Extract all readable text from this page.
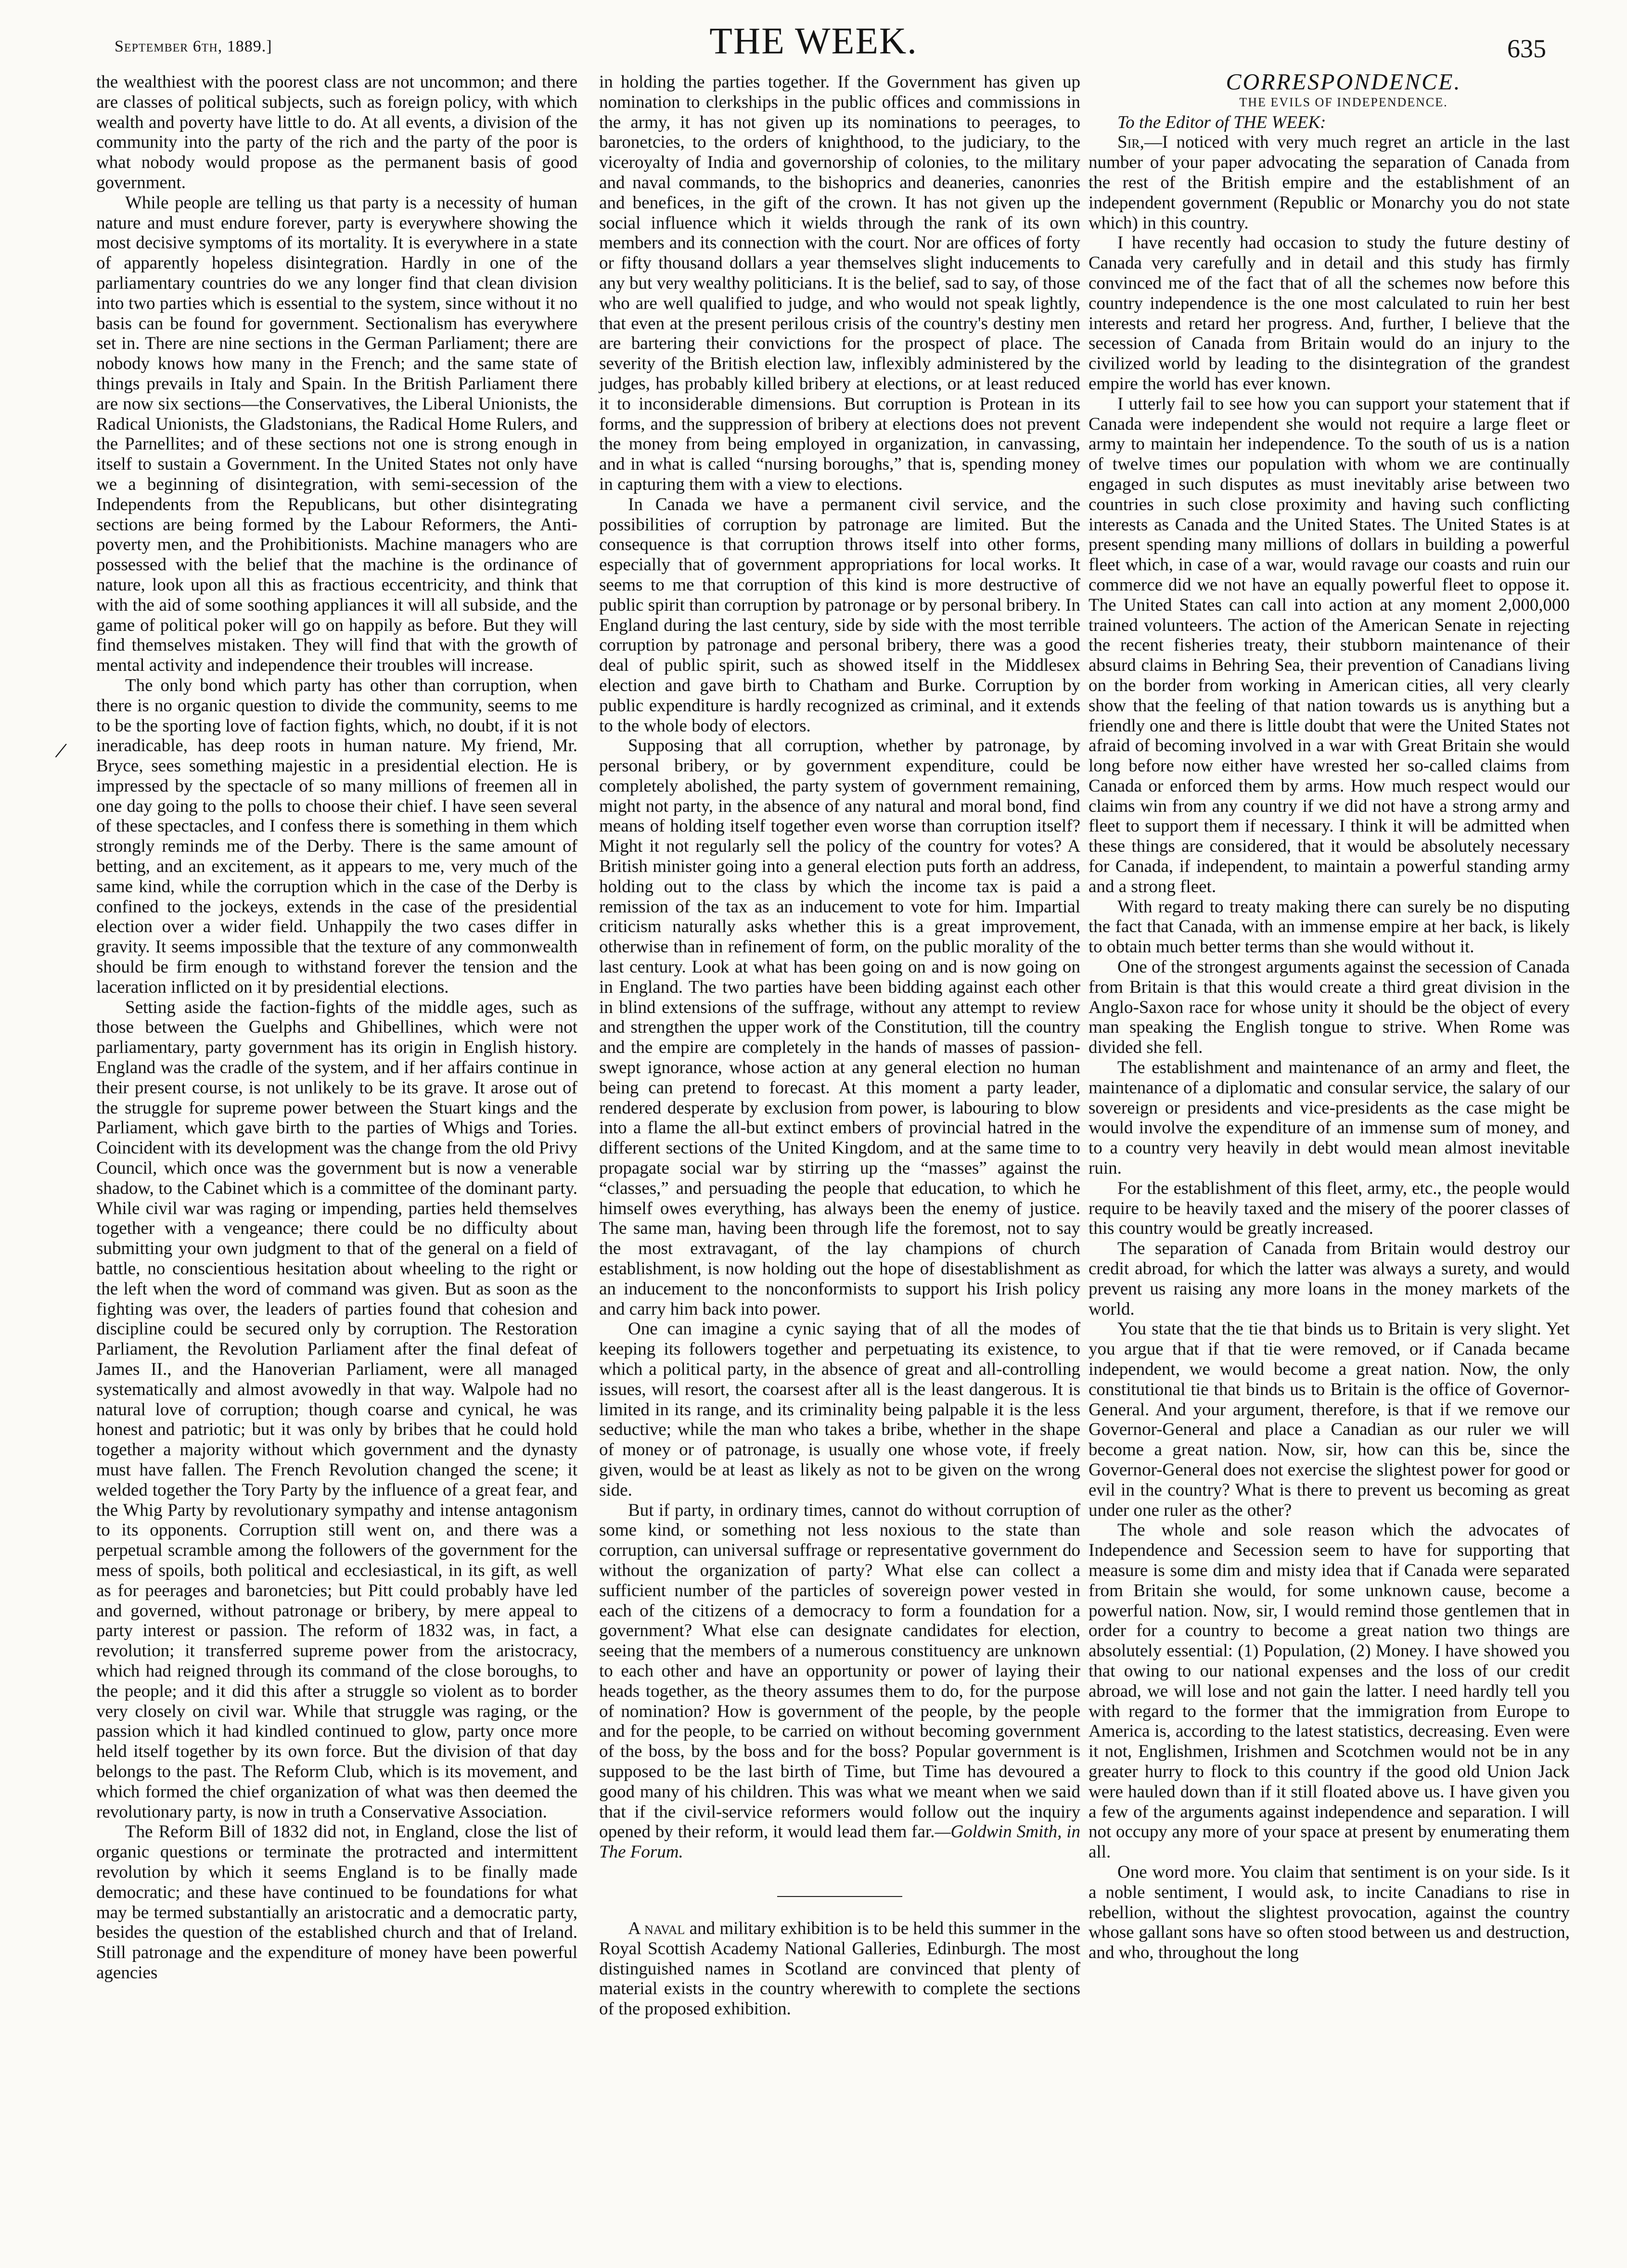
September 6th, 1889.]	THE WEEK.	635
/

the wealthiest with the poorest class are not uncommon; and there are classes of political subjects, such as foreign policy, with which wealth and poverty have little to do. At all events, a division of the community into the party of the rich and the party of the poor is what nobody would propose as the permanent basis of good government.

While people are telling us that party is a necessity of human nature and must endure forever, party is everywhere showing the most decisive symptoms of its mortality. It is everywhere in a state of apparently hopeless disintegration. Hardly in one of the parliamentary countries do we any longer find that clean division into two parties which is essential to the system, since without it no basis can be found for government. Sectionalism has everywhere set in. There are nine sections in the German Parliament; there are nobody knows how many in the French; and the same state of things prevails in Italy and Spain. In the British Parliament there are now six sections—the Conservatives, the Liberal Unionists, the Radical Unionists, the Gladstonians, the Radical Home Rulers, and the Parnellites; and of these sections not one is strong enough in itself to sustain a Government. In the United States not only have we a beginning of disintegration, with semi-secession of the Independents from the Republicans, but other disintegrating sections are being formed by the Labour Reformers, the Anti-poverty men, and the Prohibitionists. Machine managers who are possessed with the belief that the machine is the ordinance of nature, look upon all this as fractious eccentricity, and think that with the aid of some soothing appliances it will all subside, and the game of political poker will go on happily as before. But they will find themselves mistaken. They will find that with the growth of mental activity and independence their troubles will increase.

The only bond which party has other than corruption, when there is no organic question to divide the community, seems to me to be the sporting love of faction fights, which, no doubt, if it is not ineradicable, has deep roots in human nature. My friend, Mr. Bryce, sees something majestic in a presidential election. He is impressed by the spectacle of so many millions of freemen all in one day going to the polls to choose their chief. I have seen several of these spectacles, and I confess there is something in them which strongly reminds me of the Derby. There is the same amount of betting, and an excitement, as it appears to me, very much of the same kind, while the corruption which in the case of the Derby is confined to the jockeys, extends in the case of the presidential election over a wider field. Unhappily the two cases differ in gravity. It seems impossible that the texture of any commonwealth should be firm enough to withstand forever the tension and the laceration inflicted on it by presidential elections.

Setting aside the faction-fights of the middle ages, such as those between the Guelphs and Ghibellines, which were not parliamentary, party government has its origin in English history. England was the cradle of the system, and if her affairs continue in their present course, is not unlikely to be its grave. It arose out of the struggle for supreme power between the Stuart kings and the Parliament, which gave birth to the parties of Whigs and Tories. Coincident with its development was the change from the old Privy Council, which once was the government but is now a venerable shadow, to the Cabinet which is a committee of the dominant party. While civil war was raging or impending, parties held themselves together with a vengeance; there could be no difficulty about submitting your own judgment to that of the general on a field of battle, no conscientious hesitation about wheeling to the right or the left when the word of command was given. But as soon as the fighting was over, the leaders of parties found that cohesion and discipline could be secured only by corruption. The Restoration Parliament, the Revolution Parliament after the final defeat of James II., and the Hanoverian Parliament, were all managed systematically and almost avowedly in that way. Walpole had no natural love of corruption; though coarse and cynical, he was honest and patriotic; but it was only by bribes that he could hold together a majority without which government and the dynasty must have fallen. The French Revolution changed the scene; it welded together the Tory Party by the influence of a great fear, and the Whig Party by revolutionary sympathy and intense antagonism to its opponents. Corruption still went on, and there was a perpetual scramble among the followers of the government for the mess of spoils, both political and ecclesiastical, in its gift, as well as for peerages and baronetcies; but Pitt could probably have led and governed, without patronage or bribery, by mere appeal to party interest or passion. The reform of 1832 was, in fact, a revolution; it transferred supreme power from the aristocracy, which had reigned through its command of the close boroughs, to the people; and it did this after a struggle so violent as to border very closely on civil war. While that struggle was raging, or the passion which it had kindled continued to glow, party once more held itself together by its own force. But the division of that day belongs to the past. The Reform Club, which is its movement, and which formed the chief organization of what was then deemed the revolutionary party, is now in truth a Conservative Association.

The Reform Bill of 1832 did not, in England, close the list of organic questions or terminate the protracted and intermittent revolution by which it seems England is to be finally made democratic; and these have continued to be foundations for what may be termed substantially an aristocratic and a democratic party, besides the question of the established church and that of Ireland. Still patronage and the expenditure of money have been powerful agencies

in holding the parties together. If the Government has given up nomination to clerkships in the public offices and commissions in the army, it has not given up its nominations to peerages, to baronetcies, to the orders of knighthood, to the judiciary, to the viceroyalty of India and governorship of colonies, to the military and naval commands, to the bishoprics and deaneries, canonries and benefices, in the gift of the crown. It has not given up the social influence which it wields through the rank of its own members and its connection with the court. Nor are offices of forty or fifty thousand dollars a year themselves slight inducements to any but very wealthy politicians. It is the belief, sad to say, of those who are well qualified to judge, and who would not speak lightly, that even at the present perilous crisis of the country's destiny men are bartering their convictions for the prospect of place. The severity of the British election law, inflexibly administered by the judges, has probably killed bribery at elections, or at least reduced it to inconsiderable dimensions. But corruption is Protean in its forms, and the suppression of bribery at elections does not prevent the money from being employed in organization, in canvassing, and in what is called “nursing boroughs,” that is, spending money in capturing them with a view to elections.

In Canada we have a permanent civil service, and the possibilities of corruption by patronage are limited. But the consequence is that corruption throws itself into other forms, especially that of government appropriations for local works. It seems to me that corruption of this kind is more destructive of public spirit than corruption by patronage or by personal bribery. In England during the last century, side by side with the most terrible corruption by patronage and personal bribery, there was a good deal of public spirit, such as showed itself in the Middlesex election and gave birth to Chatham and Burke. Corruption by public expenditure is hardly recognized as criminal, and it extends to the whole body of electors.

Supposing that all corruption, whether by patronage, by personal bribery, or by government expenditure, could be completely abolished, the party system of government remaining, might not party, in the absence of any natural and moral bond, find means of holding itself together even worse than corruption itself? Might it not regularly sell the policy of the country for votes? A British minister going into a general election puts forth an address, holding out to the class by which the income tax is paid a remission of the tax as an inducement to vote for him. Impartial criticism naturally asks whether this is a great improvement, otherwise than in refinement of form, on the public morality of the last century. Look at what has been going on and is now going on in England. The two parties have been bidding against each other in blind extensions of the suffrage, without any attempt to review and strengthen the upper work of the Constitution, till the country and the empire are completely in the hands of masses of passion-swept ignorance, whose action at any general election no human being can pretend to forecast. At this moment a party leader, rendered desperate by exclusion from power, is labouring to blow into a flame the all-but extinct embers of provincial hatred in the different sections of the United Kingdom, and at the same time to propagate social war by stirring up the “masses” against the “classes,” and persuading the people that education, to which he himself owes everything, has always been the enemy of justice. The same man, having been through life the foremost, not to say the most extravagant, of the lay champions of church establishment, is now holding out the hope of disestablishment as an inducement to the nonconformists to support his Irish policy and carry him back into power.

One can imagine a cynic saying that of all the modes of keeping its followers together and perpetuating its existence, to which a political party, in the absence of great and all-controlling issues, will resort, the coarsest after all is the least dangerous. It is limited in its range, and its criminality being palpable it is the less seductive; while the man who takes a bribe, whether in the shape of money or of patronage, is usually one whose vote, if freely given, would be at least as likely as not to be given on the wrong side.

But if party, in ordinary times, cannot do without corruption of some kind, or something not less noxious to the state than corruption, can universal suffrage or representative government do without the organization of party? What else can collect a sufficient number of the particles of sovereign power vested in each of the citizens of a democracy to form a foundation for a government? What else can designate candidates for election, seeing that the members of a numerous constituency are unknown to each other and have an opportunity or power of laying their heads together, as the theory assumes them to do, for the purpose of nomination? How is government of the people, by the people and for the people, to be carried on without becoming government of the boss, by the boss and for the boss? Popular government is supposed to be the last birth of Time, but Time has devoured a good many of his children. This was what we meant when we said that if the civil-service reformers would follow out the inquiry opened by their reform, it would lead them far.—Goldwin Smith, in The Forum.

A naval and military exhibition is to be held this summer in the Royal Scottish Academy National Galleries, Edinburgh. The most distinguished names in Scotland are convinced that plenty of material exists in the country wherewith to complete the sections of the proposed exhibition.

CORRESPONDENCE.

THE EVILS OF INDEPENDENCE.

To the Editor of THE WEEK:

Sir,—I noticed with very much regret an article in the last number of your paper advocating the separation of Canada from the rest of the British empire and the establishment of an independent government (Republic or Monarchy you do not state which) in this country.

I have recently had occasion to study the future destiny of Canada very carefully and in detail and this study has firmly convinced me of the fact that of all the schemes now before this country independence is the one most calculated to ruin her best interests and retard her progress. And, further, I believe that the secession of Canada from Britain would do an injury to the civilized world by leading to the disintegration of the grandest empire the world has ever known.

I utterly fail to see how you can support your statement that if Canada were independent she would not require a large fleet or army to maintain her independence. To the south of us is a nation of twelve times our population with whom we are continually engaged in such disputes as must inevitably arise between two countries in such close proximity and having such conflicting interests as Canada and the United States. The United States is at present spending many millions of dollars in building a powerful fleet which, in case of a war, would ravage our coasts and ruin our commerce did we not have an equally powerful fleet to oppose it. The United States can call into action at any moment 2,000,000 trained volunteers. The action of the American Senate in rejecting the recent fisheries treaty, their stubborn maintenance of their absurd claims in Behring Sea, their prevention of Canadians living on the border from working in American cities, all very clearly show that the feeling of that nation towards us is anything but a friendly one and there is little doubt that were the United States not afraid of becoming involved in a war with Great Britain she would long before now either have wrested her so-called claims from Canada or enforced them by arms. How much respect would our claims win from any country if we did not have a strong army and fleet to support them if necessary. I think it will be admitted when these things are considered, that it would be absolutely necessary for Canada, if independent, to maintain a powerful standing army and a strong fleet.

With regard to treaty making there can surely be no disputing the fact that Canada, with an immense empire at her back, is likely to obtain much better terms than she would without it.

One of the strongest arguments against the secession of Canada from Britain is that this would create a third great division in the Anglo-Saxon race for whose unity it should be the object of every man speaking the English tongue to strive. When Rome was divided she fell.

The establishment and maintenance of an army and fleet, the maintenance of a diplomatic and consular service, the salary of our sovereign or presidents and vice-presidents as the case might be would involve the expenditure of an immense sum of money, and to a country very heavily in debt would mean almost inevitable ruin.

For the establishment of this fleet, army, etc., the people would require to be heavily taxed and the misery of the poorer classes of this country would be greatly increased.

The separation of Canada from Britain would destroy our credit abroad, for which the latter was always a surety, and would prevent us raising any more loans in the money markets of the world.

You state that the tie that binds us to Britain is very slight. Yet you argue that if that tie were removed, or if Canada became independent, we would become a great nation. Now, the only constitutional tie that binds us to Britain is the office of Governor-General. And your argument, therefore, is that if we remove our Governor-General and place a Canadian as our ruler we will become a great nation. Now, sir, how can this be, since the Governor-General does not exercise the slightest power for good or evil in the country? What is there to prevent us becoming as great under one ruler as the other?

The whole and sole reason which the advocates of Independence and Secession seem to have for supporting that measure is some dim and misty idea that if Canada were separated from Britain she would, for some unknown cause, become a powerful nation. Now, sir, I would remind those gentlemen that in order for a country to become a great nation two things are absolutely essential: (1) Population, (2) Money. I have showed you that owing to our national expenses and the loss of our credit abroad, we will lose and not gain the latter. I need hardly tell you with regard to the former that the immigration from Europe to America is, according to the latest statistics, decreasing. Even were it not, Englishmen, Irishmen and Scotchmen would not be in any greater hurry to flock to this country if the good old Union Jack were hauled down than if it still floated above us. I have given you a few of the arguments against independence and separation. I will not occupy any more of your space at present by enumerating them all.

One word more. You claim that sentiment is on your side. Is it a noble sentiment, I would ask, to incite Canadians to rise in rebellion, without the slightest provocation, against the country whose gallant sons have so often stood between us and destruction, and who, throughout the long
